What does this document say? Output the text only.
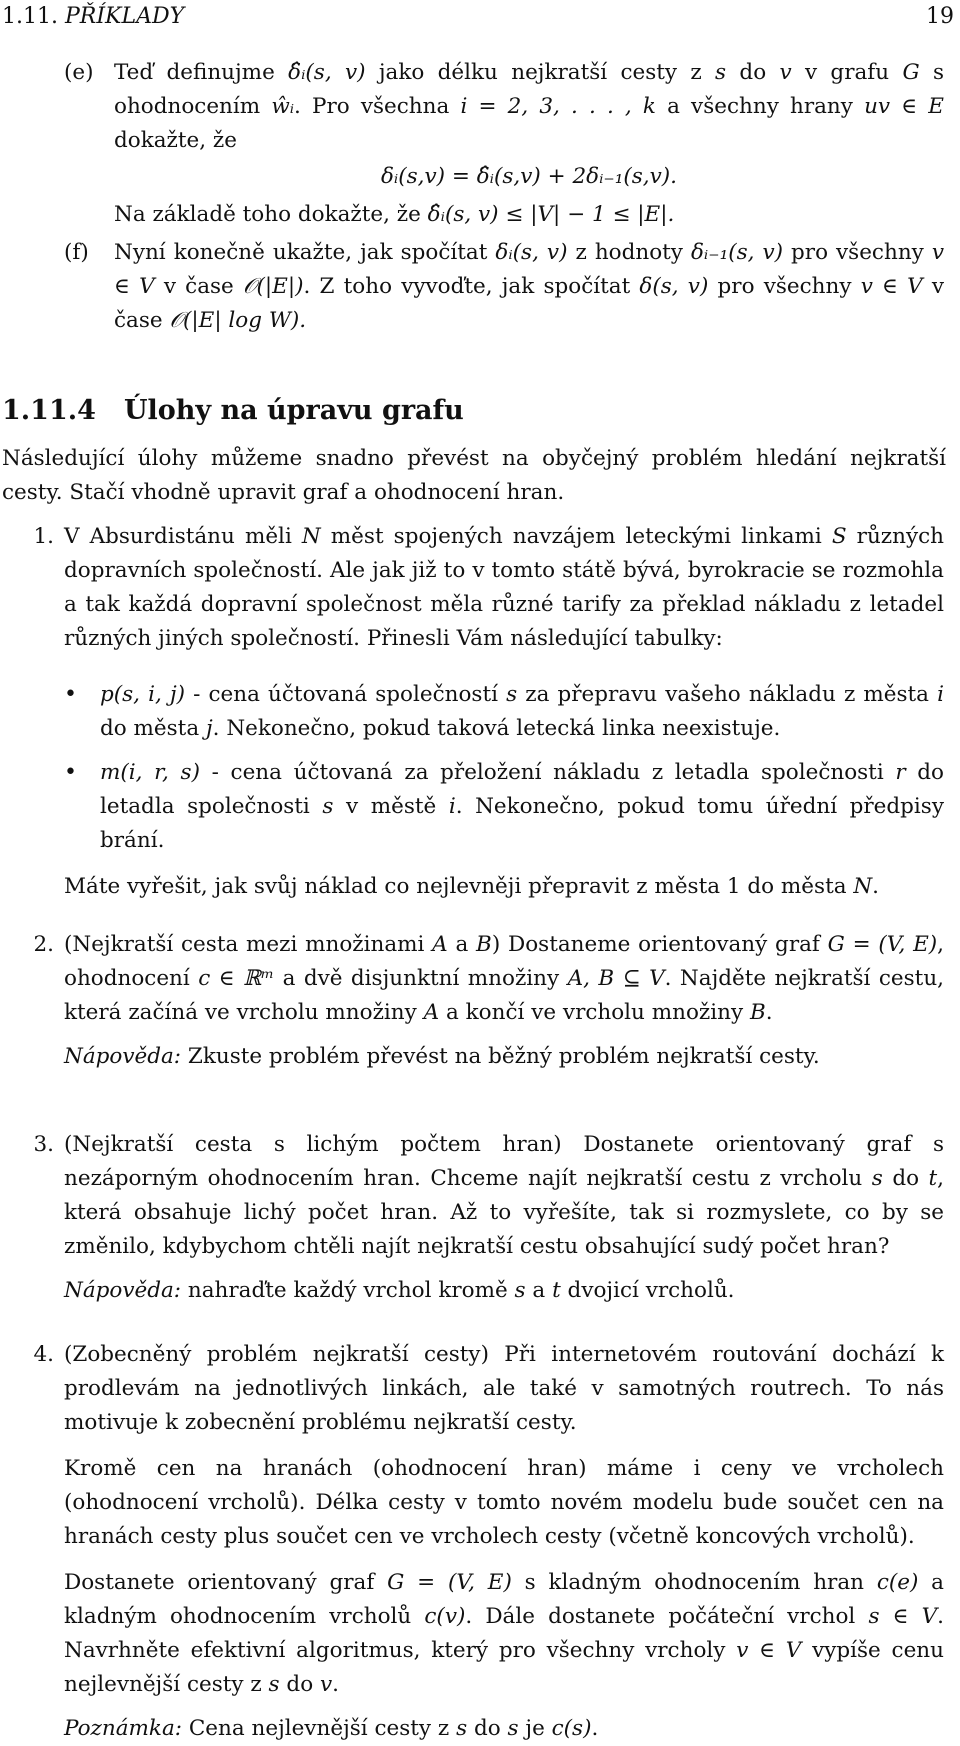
1.11. PŘÍKLADY	19
(e) Teď definujme δ̂ᵢ(s, v) jako délku nejkratší cesty z s do v v grafu G s ohodnocením ŵᵢ. Pro všechna i = 2, 3, . . . , k a všechny hrany uv ∈ E dokažte, že

δᵢ(s,v) = δ̂ᵢ(s,v) + 2δᵢ₋₁(s,v).

Na základě toho dokažte, že δ̂ᵢ(s, v) ≤ |V| − 1 ≤ |E|.

(f)	Nyní konečně ukažte, jak spočítat δᵢ(s, v) z hodnoty δᵢ₋₁(s, v) pro všechny v ∈ V v čase 𝒪(|E|). Z toho vyvoďte, jak spočítat δ(s, v) pro všechny v ∈ V v čase 𝒪(|E| log W).

1.11.4 Úlohy na úpravu grafu

Následující úlohy můžeme snadno převést na obyčejný problém hledání nejkratší cesty. Stačí vhodně upravit graf a ohodnocení hran.

1. V Absurdistánu měli N měst spojených navzájem leteckými linkami S různých dopravních společností. Ale jak již to v tomto státě bývá, byrokracie se rozmohla a tak každá dopravní společnost měla různé tarify za překlad nákladu z letadel různých jiných společností. Přinesli Vám následující tabulky:

• p(s, i, j) - cena účtovaná společností s za přepravu vašeho nákladu z města i do města j. Nekonečno, pokud taková letecká linka neexistuje.

• m(i, r, s) - cena účtovaná za přeložení nákladu z letadla společnosti r do letadla společnosti s v městě i. Nekonečno, pokud tomu úřední předpisy brání.

Máte vyřešit, jak svůj náklad co nejlevněji přepravit z města 1 do města N.

2. (Nejkratší cesta mezi množinami A a B) Dostaneme orientovaný graf G = (V, E), ohodnocení c ∈ ℝᵐ a dvě disjunktní množiny A, B ⊆ V. Najděte nejkratší cestu, která začíná ve vrcholu množiny A a končí ve vrcholu množiny B.

Nápověda: Zkuste problém převést na běžný problém nejkratší cesty.

3. (Nejkratší cesta s lichým počtem hran) Dostanete orientovaný graf s nezáporným ohodnocením hran. Chceme najít nejkratší cestu z vrcholu s do t, která obsahuje lichý počet hran. Až to vyřešíte, tak si rozmyslete, co by se změnilo, kdybychom chtěli najít nejkratší cestu obsahující sudý počet hran?

Nápověda: nahraďte každý vrchol kromě s a t dvojicí vrcholů.

4. (Zobecněný problém nejkratší cesty) Při internetovém routování dochází k prodlevám na jednotlivých linkách, ale také v samotných routrech. To nás motivuje k zobecnění problému nejkratší cesty.

Kromě cen na hranách (ohodnocení hran) máme i ceny ve vrcholech (ohodnocení vrcholů). Délka cesty v tomto novém modelu bude součet cen na hranách cesty plus součet cen ve vrcholech cesty (včetně koncových vrcholů).

Dostanete orientovaný graf G = (V, E) s kladným ohodnocením hran c(e) a kladným ohodnocením vrcholů c(v). Dále dostanete počáteční vrchol s ∈ V. Navrhněte efektivní algoritmus, který pro všechny vrcholy v ∈ V vypíše cenu nejlevnější cesty z s do v.

Poznámka: Cena nejlevnější cesty z s do s je c(s).
